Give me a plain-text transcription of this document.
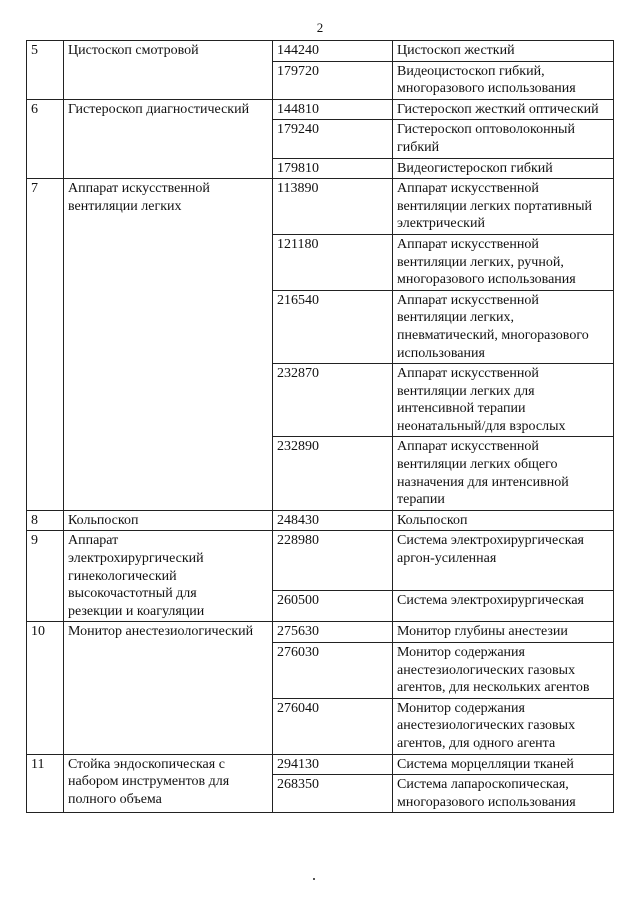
2
5	Цистоскоп смотровой	144240	Цистоскоп жесткий
		179720	Видеоцистоскоп гибкий, многоразового использования
6	Гистероскоп диагностический	144810	Гистероскоп жесткий оптический
		179240	Гистероскоп оптоволоконный гибкий
		179810	Видеогистероскоп гибкий
7	Аппарат искусственной вентиляции легких	113890	Аппарат искусственной вентиляции легких портативный электрический
		121180	Аппарат искусственной вентиляции легких, ручной, многоразового использования
		216540	Аппарат искусственной вентиляции легких, пневматический, многоразового использования
		232870	Аппарат искусственной вентиляции легких для интенсивной терапии неонатальный/для взрослых
		232890	Аппарат искусственной вентиляции легких общего назначения для интенсивной терапии
8	Кольпоскоп	248430	Кольпоскоп
9	Аппарат электрохирургический гинекологический высокочастотный для резекции и коагуляции	228980	Система электрохирургическая аргон-усиленная
		260500	Система электрохирургическая
10	Монитор анестезиологический	275630	Монитор глубины анестезии
		276030	Монитор содержания анестезиологических газовых агентов, для нескольких агентов
		276040	Монитор содержания анестезиологических газовых агентов, для одного агента
11	Стойка эндоскопическая с набором инструментов для полного объема	294130	Система морцелляции тканей
		268350	Система лапароскопическая, многоразового использования
